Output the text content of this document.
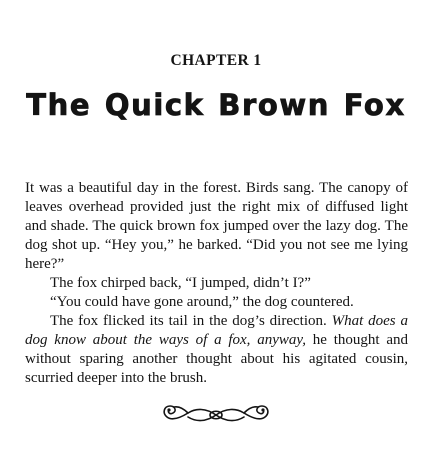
CHAPTER 1
The Quick Brown Fox

It was a beautiful day in the forest. Birds sang. The canopy of leaves overhead provided just the right mix of diffused light and shade. The quick brown fox jumped over the lazy dog. The dog shot up. “Hey you,” he barked. “Did you not see me lying here?”

The fox chirped back, “I jumped, didn’t I?”

“You could have gone around,” the dog countered.

The fox flicked its tail in the dog’s direction. What does a dog know about the ways of a fox, anyway, he thought and without sparing another thought about his agitated cousin, scurried deeper into the brush.
